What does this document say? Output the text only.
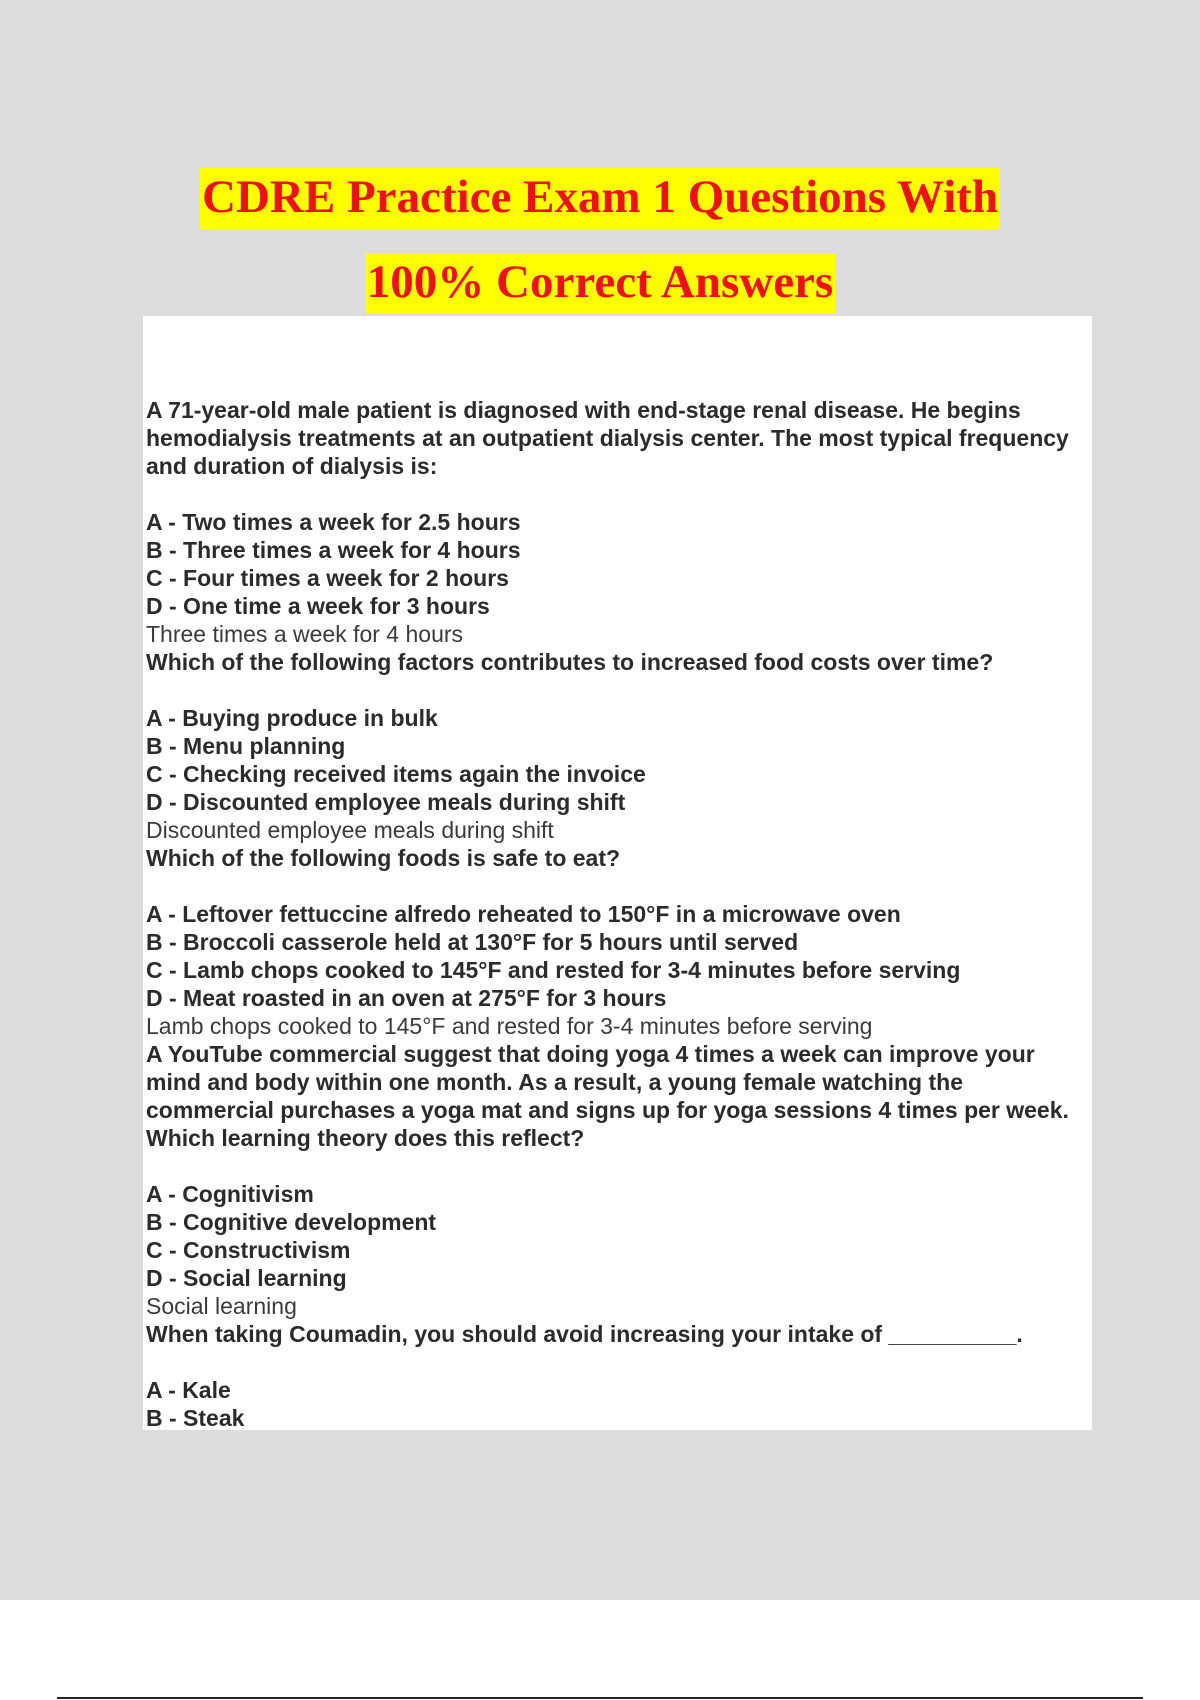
CDRE Practice Exam 1 Questions With
100% Correct Answers
A 71-year-old male patient is diagnosed with end-stage renal disease. He begins hemodialysis treatments at an outpatient dialysis center. The most typical frequency and duration of dialysis is:
A - Two times a week for 2.5 hours
B - Three times a week for 4 hours
C - Four times a week for 2 hours
D - One time a week for 3 hours
Three times a week for 4 hours
Which of the following factors contributes to increased food costs over time?
A - Buying produce in bulk
B - Menu planning
C - Checking received items again the invoice
D - Discounted employee meals during shift
Discounted employee meals during shift
Which of the following foods is safe to eat?
A - Leftover fettuccine alfredo reheated to 150°F in a microwave oven
B - Broccoli casserole held at 130°F for 5 hours until served
C - Lamb chops cooked to 145°F and rested for 3-4 minutes before serving
D - Meat roasted in an oven at 275°F for 3 hours
Lamb chops cooked to 145°F and rested for 3-4 minutes before serving
A YouTube commercial suggest that doing yoga 4 times a week can improve your mind and body within one month. As a result, a young female watching the commercial purchases a yoga mat and signs up for yoga sessions 4 times per week. Which learning theory does this reflect?
A - Cognitivism
B - Cognitive development
C - Constructivism
D - Social learning
Social learning
When taking Coumadin, you should avoid increasing your intake of __________.
A - Kale
B - Steak
